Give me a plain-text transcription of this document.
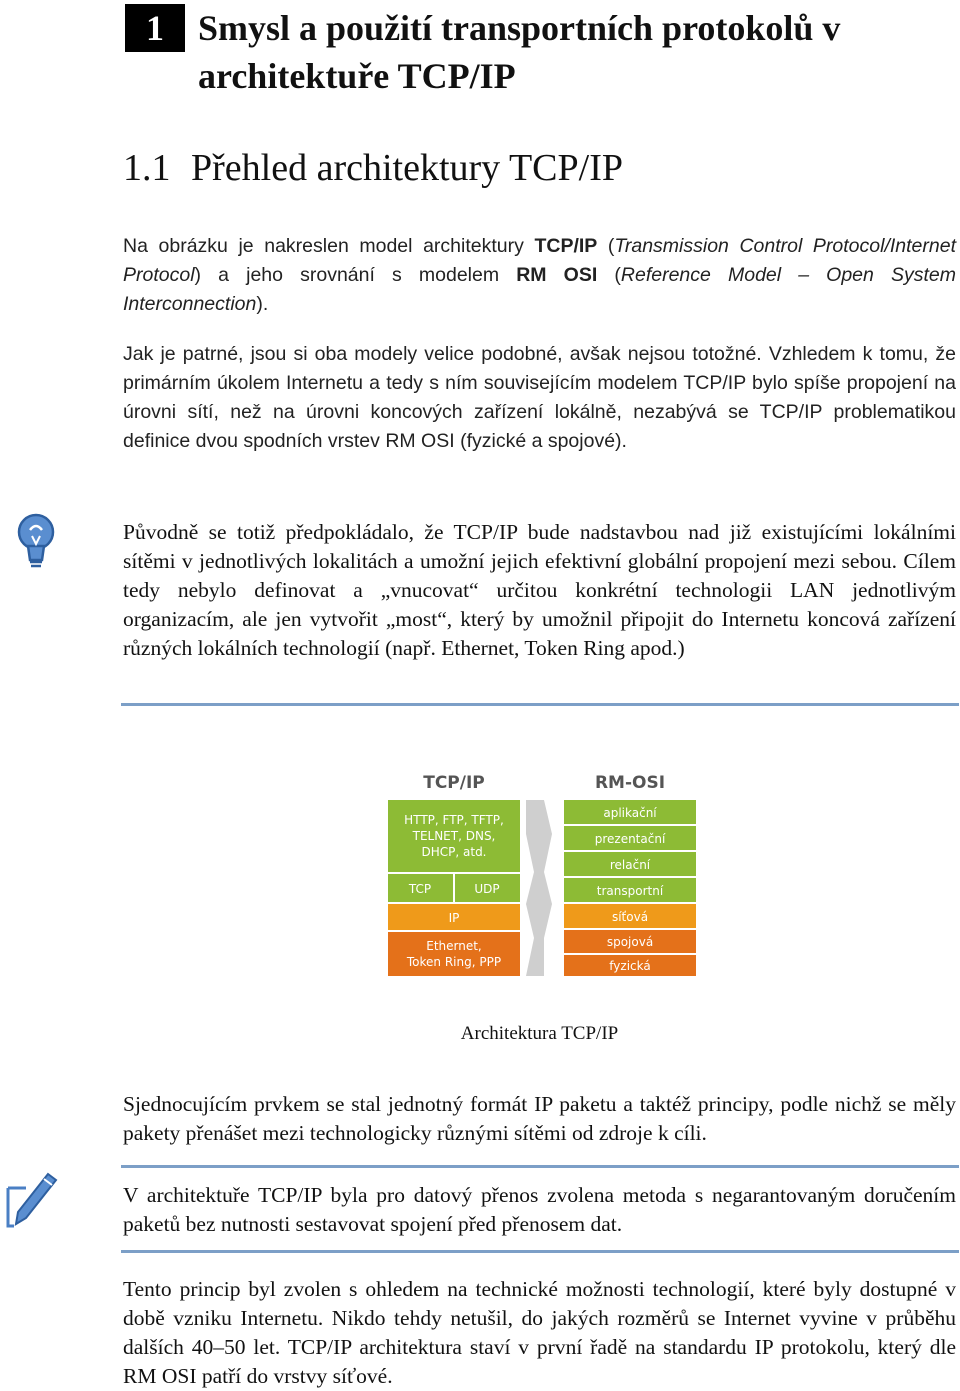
1 Smysl a použití transportních protokolů v architektuře TCP/IP
1.1 Přehled architektury TCP/IP

Na obrázku je nakreslen model architektury TCP/IP (Transmission Control Protocol/Internet Protocol) a jeho srovnání s modelem RM OSI (Reference Model – Open System Interconnection).

Jak je patrné, jsou si oba modely velice podobné, avšak nejsou totožné. Vzhledem k tomu, že primárním úkolem Internetu a tedy s ním souvisejícím modelem TCP/IP bylo spíše propojení na úrovni sítí, než na úrovni koncových zařízení lokálně, nezabývá se TCP/IP problematikou definice dvou spodních vrstev RM OSI (fyzické a spojové).

Původně se totiž předpokládalo, že TCP/IP bude nadstavbou nad již existujícími lokálními sítěmi v jednotlivých lokalitách a umožní jejich efektivní globální propojení mezi sebou. Cílem tedy nebylo definovat a „vnucovat“ určitou konkrétní technologii LAN jednotlivým organizacím, ale jen vytvořit „most“, který by umožnil připojit do Internetu koncová zařízení různých lokálních technologií (např. Ethernet, Token Ring apod.)

TCP/IP	RM-OSI
HTTP, FTP, TFTP,
TELNET, DNS,
DHCP, atd.
TCP	UDP
IP
Ethernet,
Token Ring, PPP
aplikační
prezentační
relační
transportní
síťová
spojová
fyzická
Architektura TCP/IP

Sjednocujícím prvkem se stal jednotný formát IP paketu a taktéž principy, podle nichž se měly pakety přenášet mezi technologicky různými sítěmi od zdroje k cíli.

V architektuře TCP/IP byla pro datový přenos zvolena metoda s negarantovaným doručením paketů bez nutnosti sestavovat spojení před přenosem dat.

Tento princip byl zvolen s ohledem na technické možnosti technologií, které byly dostupné v době vzniku Internetu. Nikdo tehdy netušil, do jakých rozměrů se Internet vyvine v průběhu dalších 40–50 let. TCP/IP architektura staví v první řadě na standardu IP protokolu, který dle RM OSI patří do vrstvy síťové.
